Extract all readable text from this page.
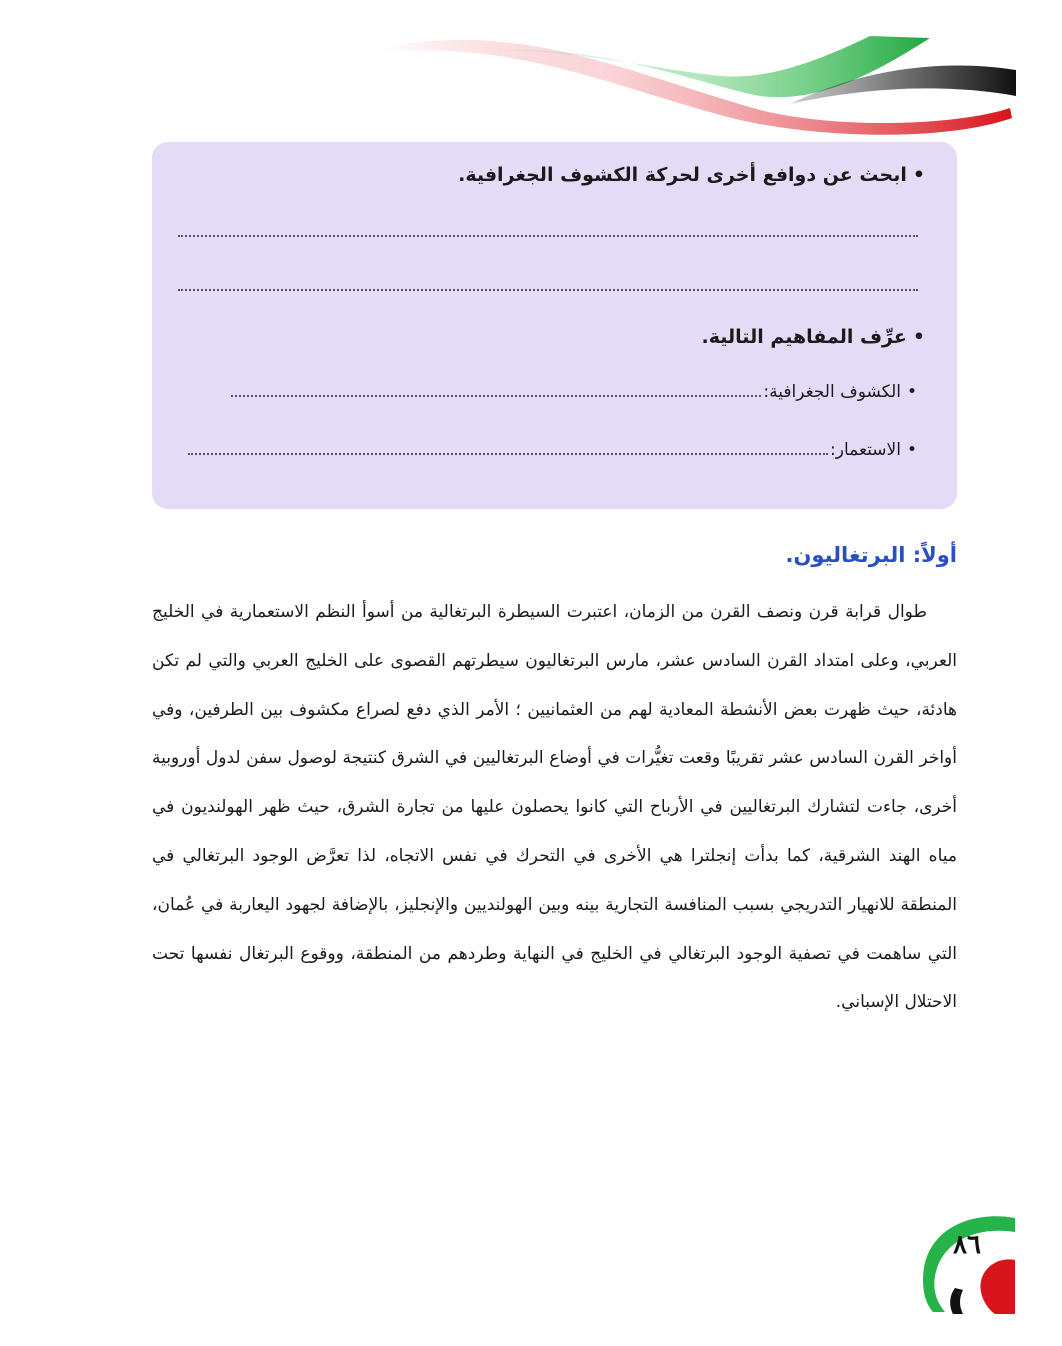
•ابحث عن دوافع أخرى لحركة الكشوف الجغرافية.
•عرِّف المفاهيم التالية.
•
الكشوف الجغرافية:
•
الاستعمار:
أولاً: البرتغاليون.
طوال قرابة قرن ونصف القرن من الزمان، اعتبرت السيطرة البرتغالية من أسوأ النظم الاستعمارية في الخليج العربي، وعلى امتداد القرن السادس عشر، مارس البرتغاليون سيطرتهم القصوى على الخليج العربي والتي لم تكن هادئة، حيث ظهرت بعض الأنشطة المعادية لهم من العثمانيين ؛ الأمر الذي دفع لصراع مكشوف بين الطرفين، وفي أواخر القرن السادس عشر تقريبًا وقعت تغيُّرات في أوضاع البرتغاليين في الشرق كنتيجة لوصول سفن لدول أوروبية أخرى، جاءت لتشارك البرتغاليين في الأرباح التي كانوا يحصلون عليها من تجارة الشرق، حيث ظهر الهولنديون في مياه الهند الشرقية، كما بدأت إنجلترا هي الأخرى في التحرك في نفس الاتجاه، لذا تعرَّض الوجود البرتغالي في المنطقة للانهيار التدريجي بسبب المنافسة التجارية بينه وبين الهولنديين والإنجليز، بالإضافة لجهود اليعاربة في عُمان، التي ساهمت في تصفية الوجود البرتغالي في الخليج في النهاية وطردهم من المنطقة، ووقوع البرتغال نفسها تحت الاحتلال الإسباني.
٨٦
